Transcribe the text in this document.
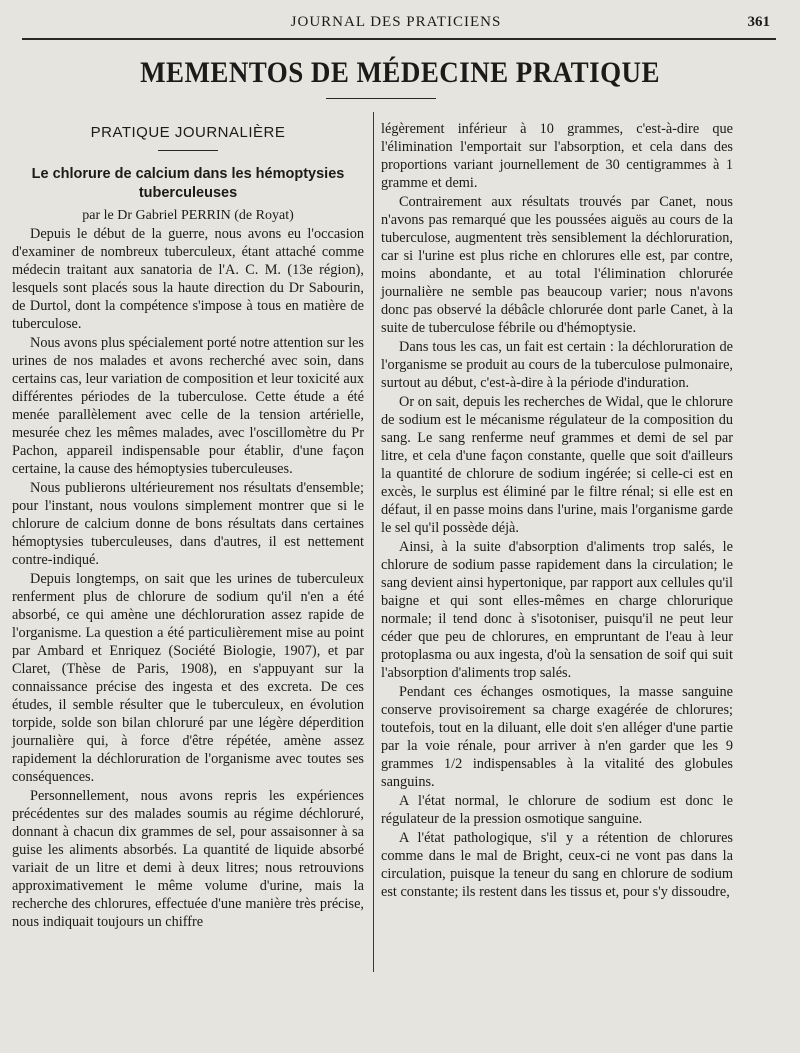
JOURNAL DES PRATICIENS	361
MEMENTOS DE MÉDECINE PRATIQUE
PRATIQUE JOURNALIÈRE
Le chlorure de calcium dans les hémoptysies
tuberculeuses
par le Dr Gabriel PERRIN (de Royat)

Depuis le début de la guerre, nous avons eu l'occasion d'examiner de nombreux tuberculeux, étant attaché comme médecin traitant aux sanatoria de l'A. C. M. (13e région), lesquels sont placés sous la haute direction du Dr Sabourin, de Durtol, dont la compétence s'impose à tous en matière de tuberculose.

Nous avons plus spécialement porté notre attention sur les urines de nos malades et avons recherché avec soin, dans certains cas, leur variation de composition et leur toxicité aux différentes périodes de la tuberculose. Cette étude a été menée parallèlement avec celle de la tension artérielle, mesurée chez les mêmes malades, avec l'oscillomètre du Pr Pachon, appareil indispensable pour établir, d'une façon certaine, la cause des hémoptysies tuberculeuses.

Nous publierons ultérieurement nos résultats d'ensemble; pour l'instant, nous voulons simplement montrer que si le chlorure de calcium donne de bons résultats dans certaines hémoptysies tuberculeuses, dans d'autres, il est nettement contre-indiqué.

Depuis longtemps, on sait que les urines de tuberculeux renferment plus de chlorure de sodium qu'il n'en a été absorbé, ce qui amène une déchloruration assez rapide de l'organisme. La question a été particulièrement mise au point par Ambard et Enriquez (Société Biologie, 1907), et par Claret, (Thèse de Paris, 1908), en s'appuyant sur la connaissance précise des ingesta et des excreta. De ces études, il semble résulter que le tuberculeux, en évolution torpide, solde son bilan chloruré par une légère déperdition journalière qui, à force d'être répétée, amène assez rapidement la déchloruration de l'organisme avec toutes ses conséquences.

Personnellement, nous avons repris les expériences précédentes sur des malades soumis au régime déchloruré, donnant à chacun dix grammes de sel, pour assaisonner à sa guise les aliments absorbés. La quantité de liquide absorbé variait de un litre et demi à deux litres; nous retrouvions approximativement le même volume d'urine, mais la recherche des chlorures, effectuée d'une manière très précise, nous indiquait toujours un chiffre

légèrement inférieur à 10 grammes, c'est-à-dire que l'élimination l'emportait sur l'absorption, et cela dans des proportions variant journellement de 30 centigrammes à 1 gramme et demi.

Contrairement aux résultats trouvés par Canet, nous n'avons pas remarqué que les poussées aiguës au cours de la tuberculose, augmentent très sensiblement la déchloruration, car si l'urine est plus riche en chlorures elle est, par contre, moins abondante, et au total l'élimination chlorurée journalière ne semble pas beaucoup varier; nous n'avons donc pas observé la débâcle chlorurée dont parle Canet, à la suite de tuberculose fébrile ou d'hémoptysie.

Dans tous les cas, un fait est certain : la déchloruration de l'organisme se produit au cours de la tuberculose pulmonaire, surtout au début, c'est-à-dire à la période d'induration.

Or on sait, depuis les recherches de Widal, que le chlorure de sodium est le mécanisme régulateur de la composition du sang. Le sang renferme neuf grammes et demi de sel par litre, et cela d'une façon constante, quelle que soit d'ailleurs la quantité de chlorure de sodium ingérée; si celle-ci est en excès, le surplus est éliminé par le filtre rénal; si elle est en défaut, il en passe moins dans l'urine, mais l'organisme garde le sel qu'il possède déjà.

Ainsi, à la suite d'absorption d'aliments trop salés, le chlorure de sodium passe rapidement dans la circulation; le sang devient ainsi hypertonique, par rapport aux cellules qu'il baigne et qui sont elles-mêmes en charge chlorurique normale; il tend donc à s'isotoniser, puisqu'il ne peut leur céder que peu de chlorures, en empruntant de l'eau à leur protoplasma ou aux ingesta, d'où la sensation de soif qui suit l'absorption d'aliments trop salés.

Pendant ces échanges osmotiques, la masse sanguine conserve provisoirement sa charge exagérée de chlorures; toutefois, tout en la diluant, elle doit s'en alléger d'une partie par la voie rénale, pour arriver à n'en garder que les 9 grammes 1/2 indispensables à la vitalité des globules sanguins.

A l'état normal, le chlorure de sodium est donc le régulateur de la pression osmotique sanguine.

A l'état pathologique, s'il y a rétention de chlorures comme dans le mal de Bright, ceux-ci ne vont pas dans la circulation, puisque la teneur du sang en chlorure de sodium est constante; ils restent dans les tissus et, pour s'y dissoudre,
